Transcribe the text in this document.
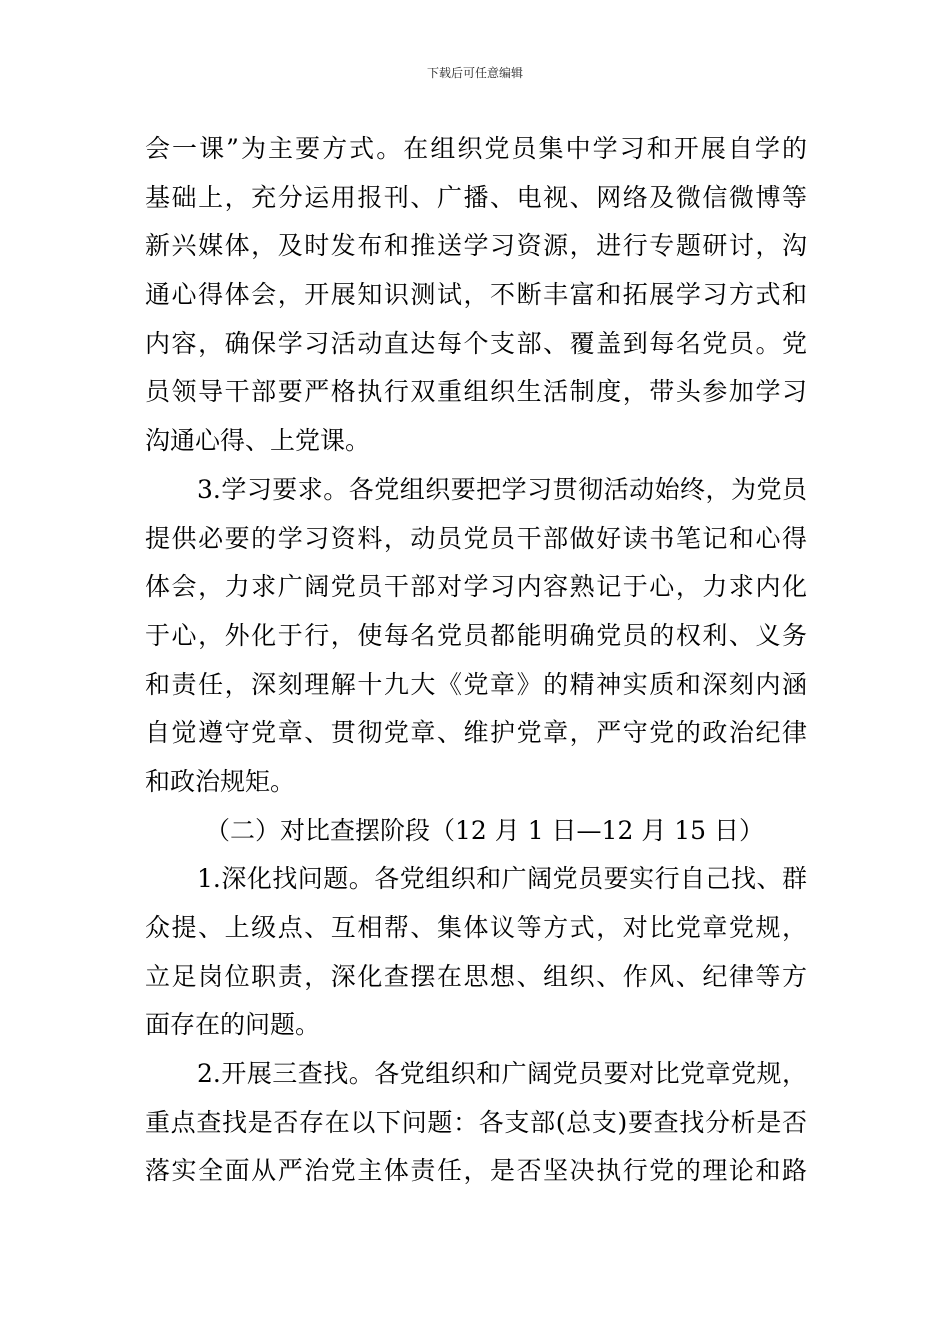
下载后可任意编辑
会一课”为主要方式。在组织党员集中学习和开展自学的
基础上，充分运用报刊、广播、电视、网络及微信微博等
新兴媒体，及时发布和推送学习资源，进行专题研讨，沟
通心得体会，开展知识测试，不断丰富和拓展学习方式和
内容，确保学习活动直达每个支部、覆盖到每名党员。党
员领导干部要严格执行双重组织生活制度，带头参加学习
沟通心得、上党课。
3.学习要求。各党组织要把学习贯彻活动始终，为党员
提供必要的学习资料，动员党员干部做好读书笔记和心得
体会，力求广阔党员干部对学习内容熟记于心，力求内化
于心，外化于行，使每名党员都能明确党员的权利、义务
和责任，深刻理解十九大《党章》的精神实质和深刻内涵
自觉遵守党章、贯彻党章、维护党章，严守党的政治纪律
和政治规矩。
（二）对比查摆阶段（12 月 1 日—12 月 15 日）
1.深化找问题。各党组织和广阔党员要实行自己找、群
众提、上级点、互相帮、集体议等方式，对比党章党规，
立足岗位职责，深化查摆在思想、组织、作风、纪律等方
面存在的问题。
2.开展三查找。各党组织和广阔党员要对比党章党规，
重点查找是否存在以下问题：各支部(总支)要查找分析是否
落实全面从严治党主体责任，是否坚决执行党的理论和路
